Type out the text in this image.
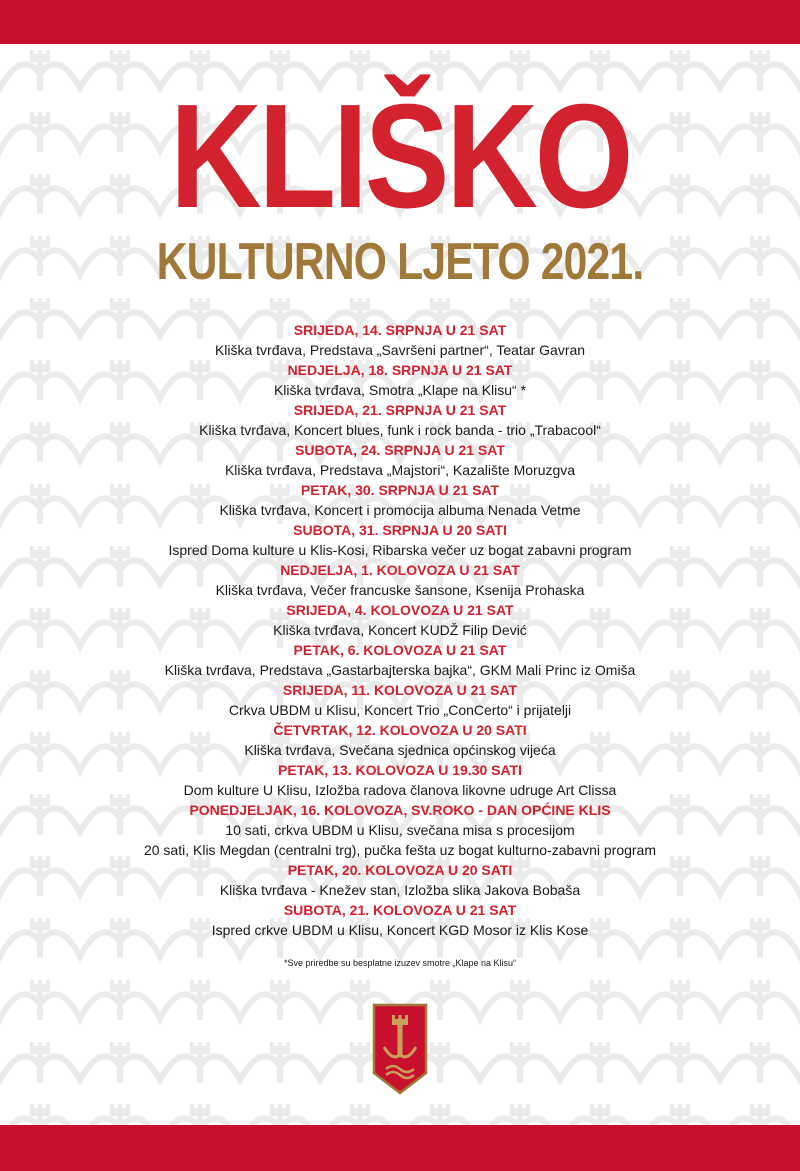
KLIŠKO
KULTURNO LJETO 2021.
SRIJEDA, 14. SRPNJA U 21 SAT
Kliška tvrđava, Predstava „Savršeni partner“, Teatar Gavran
NEDJELJA, 18. SRPNJA U 21 SAT
Kliška tvrđava, Smotra „Klape na Klisu“ *
SRIJEDA, 21. SRPNJA U 21 SAT
Kliška tvrđava, Koncert blues, funk i rock banda - trio „Trabacool“
SUBOTA, 24. SRPNJA U 21 SAT
Kliška tvrđava, Predstava „Majstori“, Kazalište Moruzgva
PETAK, 30. SRPNJA U 21 SAT
Kliška tvrđava, Koncert i promocija albuma Nenada Vetme
SUBOTA, 31. SRPNJA U 20 SATI
Ispred Doma kulture u Klis-Kosi, Ribarska večer uz bogat zabavni program
NEDJELJA, 1. KOLOVOZA U 21 SAT
Kliška tvrđava, Večer francuske šansone, Ksenija Prohaska
SRIJEDA, 4. KOLOVOZA U 21 SAT
Kliška tvrđava, Koncert KUDŽ Filip Dević
PETAK, 6. KOLOVOZA U 21 SAT
Kliška tvrđava, Predstava „Gastarbajterska bajka“, GKM Mali Princ iz Omiša
SRIJEDA, 11. KOLOVOZA U 21 SAT
Crkva UBDM u Klisu, Koncert Trio „ConCerto“ i prijatelji
ČETVRTAK, 12. KOLOVOZA U 20 SATI
Kliška tvrđava, Svečana sjednica općinskog vijeća
PETAK, 13. KOLOVOZA U 19.30 SATI
Dom kulture U Klisu, Izložba radova članova likovne udruge Art Clissa
PONEDJELJAK, 16. KOLOVOZA, SV.ROKO - DAN OPĆINE KLIS
10 sati, crkva UBDM u Klisu, svečana misa s procesijom
20 sati, Klis Megdan (centralni trg), pučka fešta uz bogat kulturno-zabavni program
PETAK, 20. KOLOVOZA U 20 SATI
Kliška tvrđava - Knežev stan, Izložba slika Jakova Bobaša
SUBOTA, 21. KOLOVOZA U 21 SAT
Ispred crkve UBDM u Klisu, Koncert KGD Mosor iz Klis Kose
*Sve priredbe su besplatne izuzev smotre „Klape na Klisu“
